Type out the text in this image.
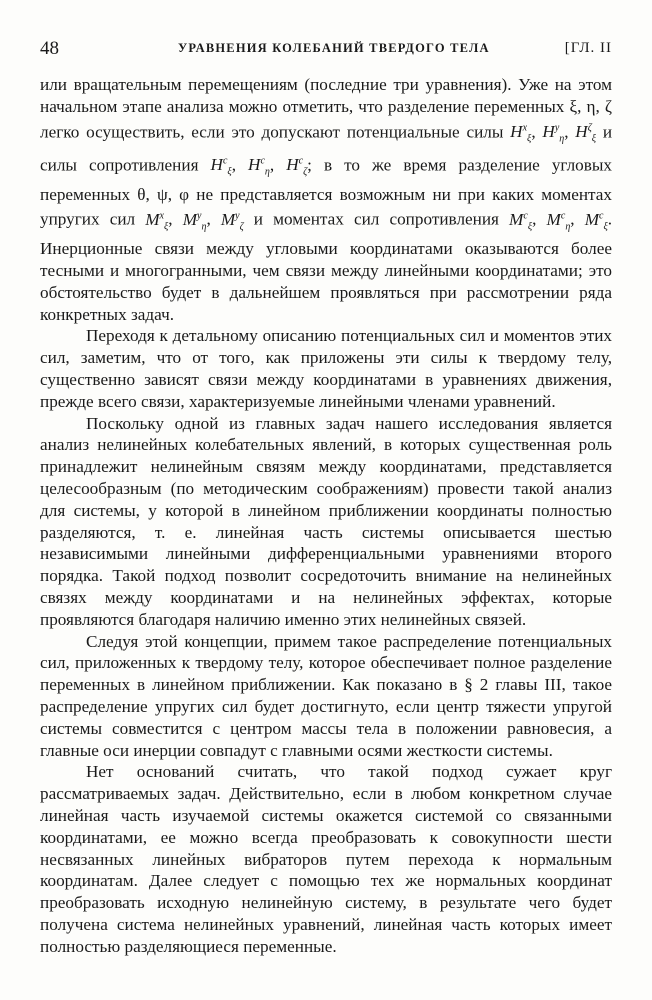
48	УРАВНЕНИЯ КОЛЕБАНИЙ ТВЕРДОГО ТЕЛА	[ГЛ. II

или вращательным перемещениям (последние три уравнения). Уже на этом начальном этапе анализа можно отметить, что разделение переменных ξ, η, ζ легко осуществить, если это допускают потенциальные силы $H^x_\xi$, $H^y_\eta$, $H^\zeta_\xi$ и силы сопротивления $H^c_\xi$, $H^c_\eta$, $H^c_\zeta$; в то же время разделение угловых переменных θ, ψ, φ не представляется возможным ни при каких моментах упругих сил $M^x_\xi$, $M^y_\eta$, $M^y_\zeta$ и моментах сил сопротивления $M^c_\xi$, $M^c_\eta$, $M^c_\xi$. Инерционные связи между угловыми координатами оказываются более тесными и многогранными, чем связи между линейными координатами; это обстоятельство будет в дальнейшем проявляться при рассмотрении ряда конкретных задач.

Переходя к детальному описанию потенциальных сил и моментов этих сил, заметим, что от того, как приложены эти силы к твердому телу, существенно зависят связи между координатами в уравнениях движения, прежде всего связи, характеризуемые линейными членами уравнений.

Поскольку одной из главных задач нашего исследования является анализ нелинейных колебательных явлений, в которых существенная роль принадлежит нелинейным связям между координатами, представляется целесообразным (по методическим соображениям) провести такой анализ для системы, у которой в линейном приближении координаты полностью разделяются, т. е. линейная часть системы описывается шестью независимыми линейными дифференциальными уравнениями второго порядка. Такой подход позволит сосредоточить внимание на нелинейных связях между координатами и на нелинейных эффектах, которые проявляются благодаря наличию именно этих нелинейных связей.

Следуя этой концепции, примем такое распределение потенциальных сил, приложенных к твердому телу, которое обеспечивает полное разделение переменных в линейном приближении. Как показано в § 2 главы III, такое распределение упругих сил будет достигнуто, если центр тяжести упругой системы совместится с центром массы тела в положении равновесия, а главные оси инерции совпадут с главными осями жесткости системы.

Нет оснований считать, что такой подход сужает круг рассматриваемых задач. Действительно, если в любом конкретном случае линейная часть изучаемой системы окажется системой со связанными координатами, ее можно всегда преобразовать к совокупности шести несвязанных линейных вибраторов путем перехода к нормальным координатам. Далее следует с помощью тех же нормальных координат преобразовать исходную нелинейную систему, в результате чего будет получена система нелинейных уравнений, линейная часть которых имеет полностью разделяющиеся переменные.
